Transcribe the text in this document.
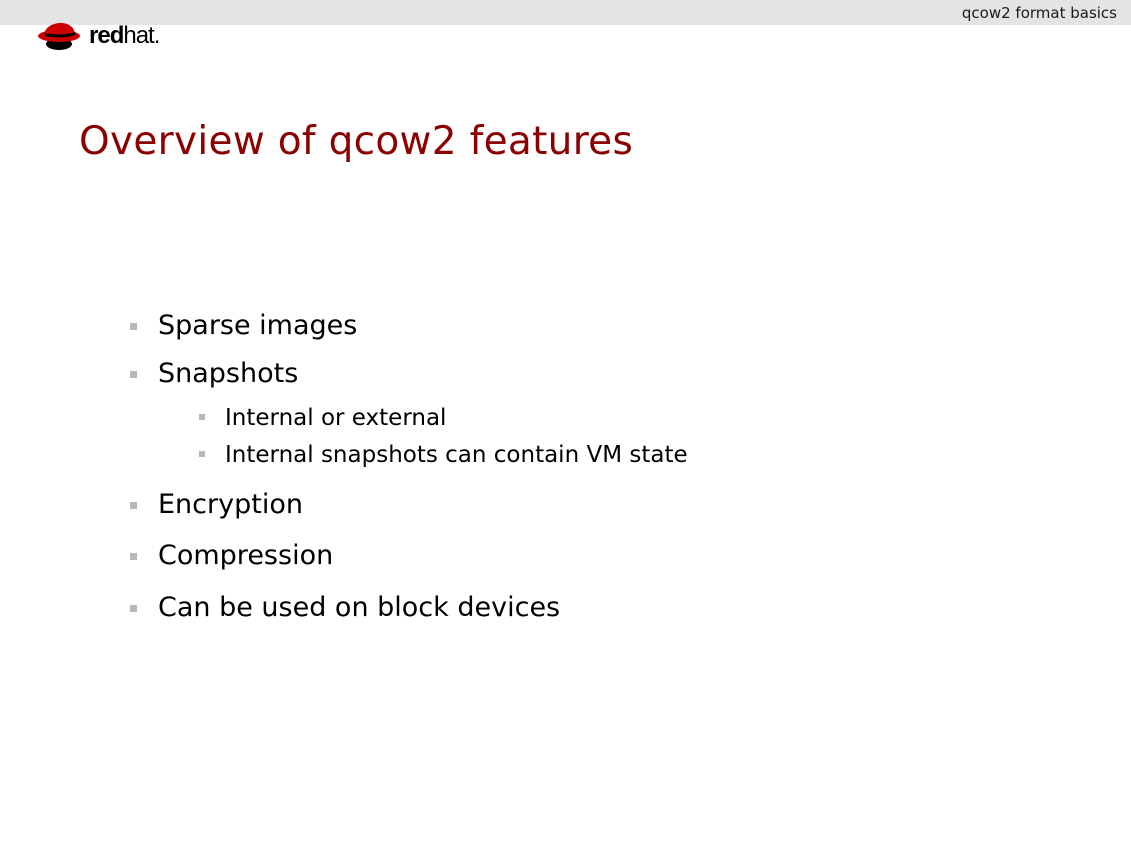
qcow2 format basics
redhat.
Overview of qcow2 features
Sparse images
Snapshots
Internal or external
Internal snapshots can contain VM state
Encryption
Compression
Can be used on block devices
